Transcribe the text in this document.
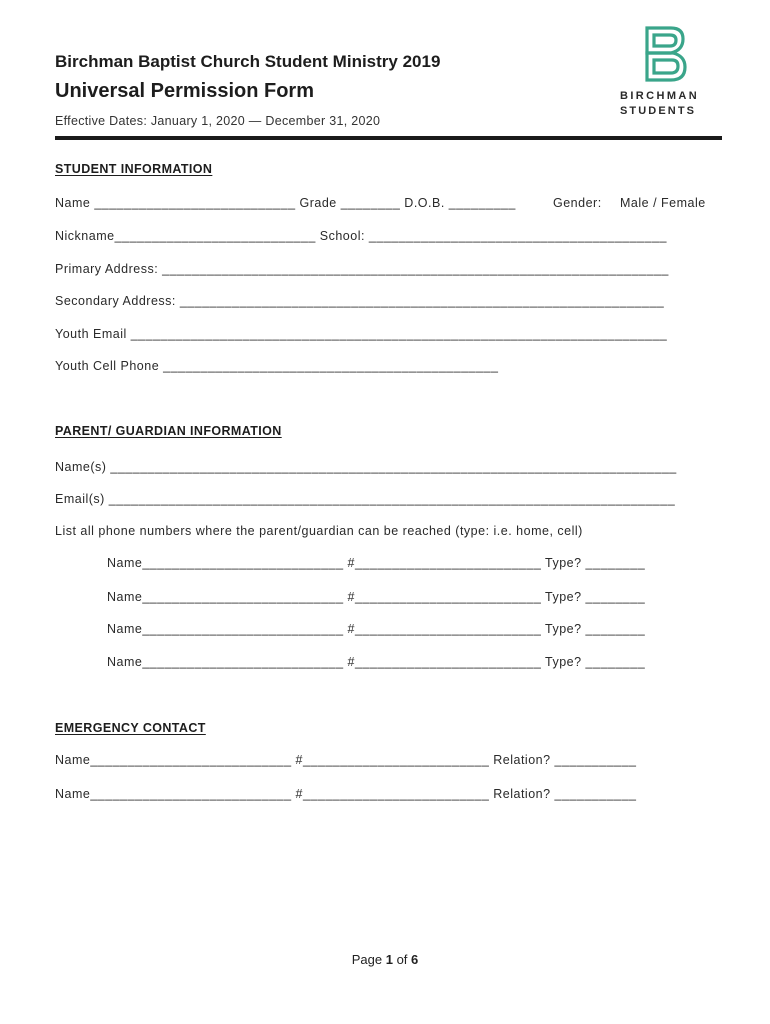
Birchman Baptist Church Student Ministry 2019
Universal Permission Form
Effective Dates: January 1, 2020 — December 31, 2020
BIRCHMAN
STUDENTS
STUDENT INFORMATION
Name ___________________________ Grade ________ D.O.B. _________	Gender: Male / Female
Nickname___________________________ School: ________________________________________
Primary Address: ____________________________________________________________________
Secondary Address: _________________________________________________________________
Youth Email ________________________________________________________________________
Youth Cell Phone _____________________________________________
PARENT/ GUARDIAN INFORMATION
Name(s) ____________________________________________________________________________
Email(s) ____________________________________________________________________________
List all phone numbers where the parent/guardian can be reached (type: i.e. home, cell)
Name___________________________ #_________________________ Type? ________
Name___________________________ #_________________________ Type? ________
Name___________________________ #_________________________ Type? ________
Name___________________________ #_________________________ Type? ________
EMERGENCY CONTACT
Name___________________________ #_________________________ Relation? ___________
Name___________________________ #_________________________ Relation? ___________
Page 1 of 6
